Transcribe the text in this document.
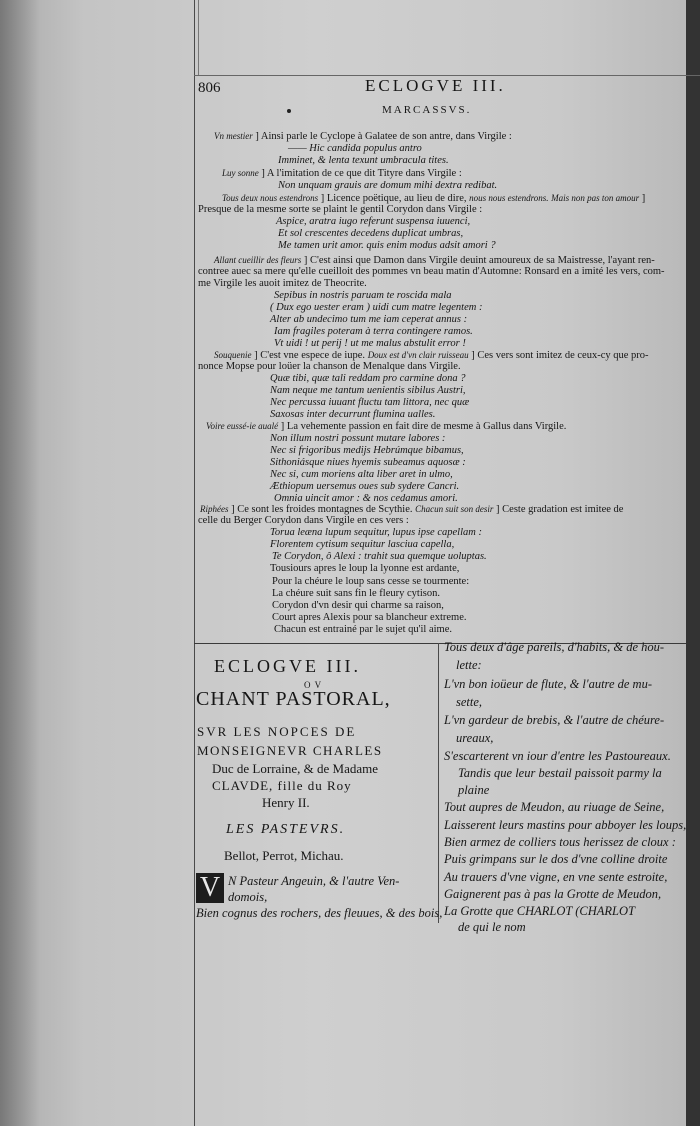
806	ECLOGVE III.
MARCASSVS.
Vn mestier ] Ainsi parle le Cyclope à Galatee de son antre, dans Virgile :
—— Hic candida populus antro
Imminet, & lenta texunt umbracula tites.
Luy sonne ] A l'imitation de ce que dit Tityre dans Virgile :
Non unquam grauis are domum mihi dextra redibat.
Tous deux nous estendrons ] Licence poëtique, au lieu de dire, nous nous estendrons. Mais non pas ton amour ]
Presque de la mesme sorte se plaint le gentil Corydon dans Virgile :
Aspice, aratra iugo referunt suspensa iuuenci,
Et sol crescentes decedens duplicat umbras,
Me tamen urit amor. quis enim modus adsit amori ?
Allant cueillir des fleurs ] C'est ainsi que Damon dans Virgile deuint amoureux de sa Maistresse, l'ayant ren-
contree auec sa mere qu'elle cueilloit des pommes vn beau matin d'Automne: Ronsard en a imité les vers, com-
me Virgile les auoit imitez de Theocrite.
Sepibus in nostris paruam te roscida mala
( Dux ego uester eram ) uidi cum matre legentem :
Alter ab undecimo tum me iam ceperat annus :
Iam fragiles poteram à terra contingere ramos.
Vt uidi ! ut perij ! ut me malus abstulit error !
Souquenie ] C'est vne espece de iupe. Doux est d'vn clair ruisseau ] Ces vers sont imitez de ceux-cy que pro-
nonce Mopse pour loüer la chanson de Menalque dans Virgile.
Quæ tibi, quæ tali reddam pro carmine dona ?
Nam neque me tantum uenientis sibilus Austri,
Nec percussa iuuant fluctu tam littora, nec quæ
Saxosas inter decurrunt flumina ualles.
Voire eussé-ie aualé ] La vehemente passion en fait dire de mesme à Gallus dans Virgile.
Non illum nostri possunt mutare labores :
Nec si frigoribus medijs Hebrúmque bibamus,
Sithoniásque niues hyemis subeamus aquosæ :
Nec si, cum moriens alta liber aret in ulmo,
Æthiopum uersemus oues sub sydere Cancri.
Omnia uincit amor : & nos cedamus amori.
Riphées ] Ce sont les froides montagnes de Scythie. Chacun suit son desir ] Ceste gradation est imitee de
celle du Berger Corydon dans Virgile en ces vers :
Torua leæna lupum sequitur, lupus ipse capellam :
Florentem cytisum sequitur lasciua capella,
Te Corydon, ô Alexi : trahit sua quemque uoluptas.
Tousiours apres le loup la lyonne est ardante,
Pour la chéure le loup sans cesse se tourmente:
La chéure suit sans fin le fleury cytison.
Corydon d'vn desir qui charme sa raison,
Court apres Alexis pour sa blancheur extreme.
Chacun est entrainé par le sujet qu'il aime.
ECLOGVE III.
O V
CHANT PASTORAL,
SVR LES NOPCES DE
MONSEIGNEVR CHARLES
Duc de Lorraine, & de Madame
CLAVDE, fille du Roy
Henry II.
LES PASTEVRS.
Bellot, Perrot, Michau.
V N Pasteur Angeuin, & l'autre Ven-
domois,
Bien cognus des rochers, des fleuues, & des bois,
Tous deux d'âge pareils, d'habits, & de hou-
lette:
L'vn bon ioüeur de flute, & l'autre de mu-
sette,
L'vn gardeur de brebis, & l'autre de chéure-
ureaux,
S'escarterent vn iour d'entre les Pastoureaux.
Tandis que leur bestail paissoit parmy la
plaine
Tout aupres de Meudon, au riuage de Seine,
Laisserent leurs mastins pour abboyer les loups,
Bien armez de colliers tous herissez de cloux :
Puis grimpans sur le dos d'vne colline droite
Au trauers d'vne vigne, en vne sente estroite,
Gaignerent pas à pas la Grotte de Meudon,
La Grotte que CHARLOT (CHARLOT
de qui le nom
